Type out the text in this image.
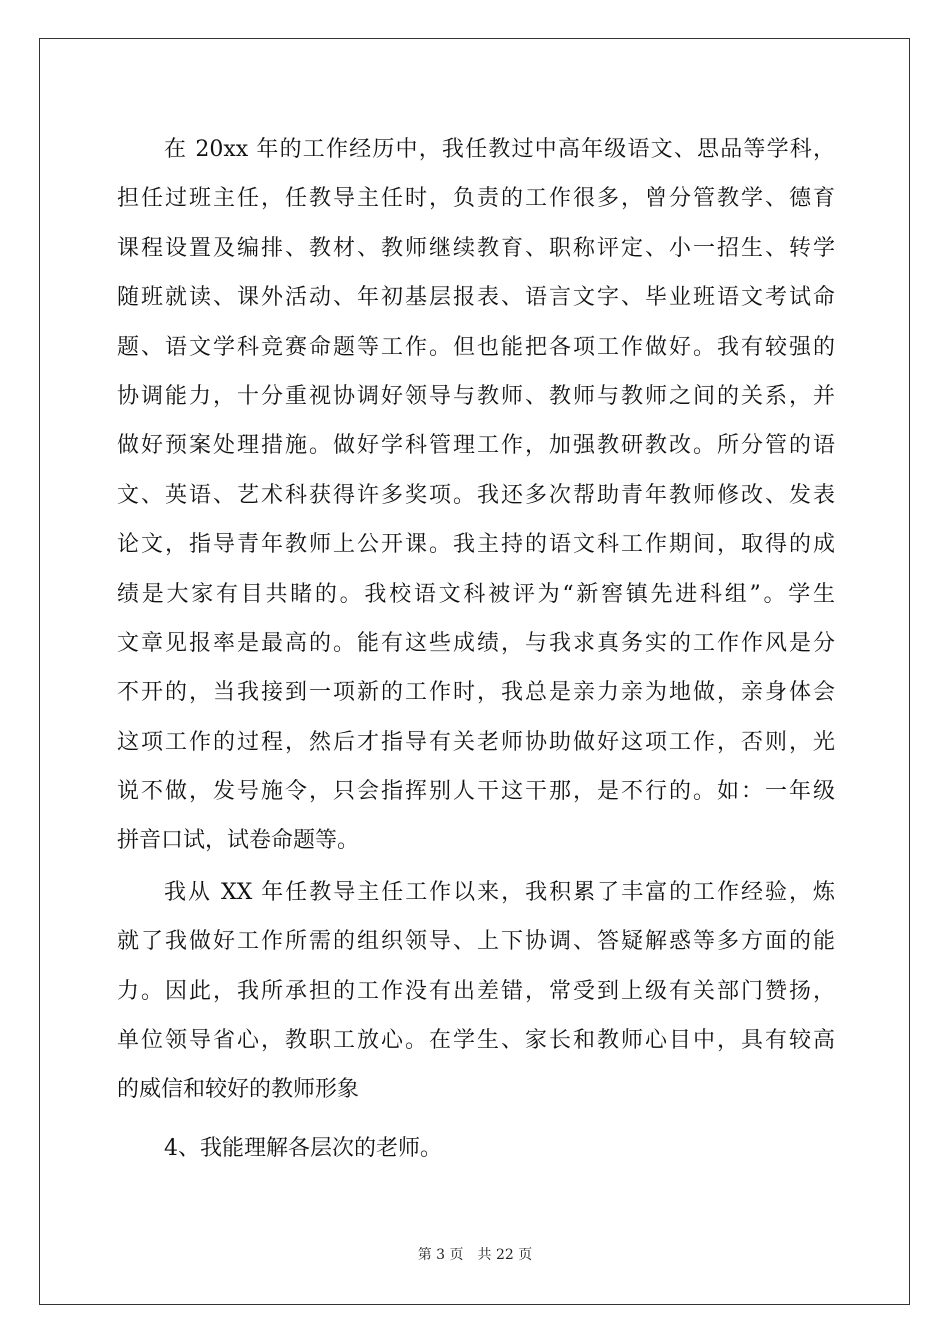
在 20xx 年的工作经历中，我任教过中高年级语文、思品等学科，
担任过班主任，任教导主任时，负责的工作很多，曾分管教学、德育
课程设置及编排、教材、教师继续教育、职称评定、小一招生、转学
随班就读、课外活动、年初基层报表、语言文字、毕业班语文考试命
题、语文学科竞赛命题等工作。但也能把各项工作做好。我有较强的
协调能力，十分重视协调好领导与教师、教师与教师之间的关系，并
做好预案处理措施。做好学科管理工作，加强教研教改。所分管的语
文、英语、艺术科获得许多奖项。我还多次帮助青年教师修改、发表
论文，指导青年教师上公开课。我主持的语文科工作期间，取得的成
绩是大家有目共睹的。我校语文科被评为“新窖镇先进科组”。学生
文章见报率是最高的。能有这些成绩，与我求真务实的工作作风是分
不开的，当我接到一项新的工作时，我总是亲力亲为地做，亲身体会
这项工作的过程，然后才指导有关老师协助做好这项工作，否则，光
说不做，发号施令，只会指挥别人干这干那，是不行的。如：一年级
拼音口试，试卷命题等。
我从 XX 年任教导主任工作以来，我积累了丰富的工作经验，炼
就了我做好工作所需的组织领导、上下协调、答疑解惑等多方面的能
力。因此，我所承担的工作没有出差错，常受到上级有关部门赞扬，
单位领导省心，教职工放心。在学生、家长和教师心目中，具有较高
的威信和较好的教师形象
4、我能理解各层次的老师。
第 3 页　共 22 页
